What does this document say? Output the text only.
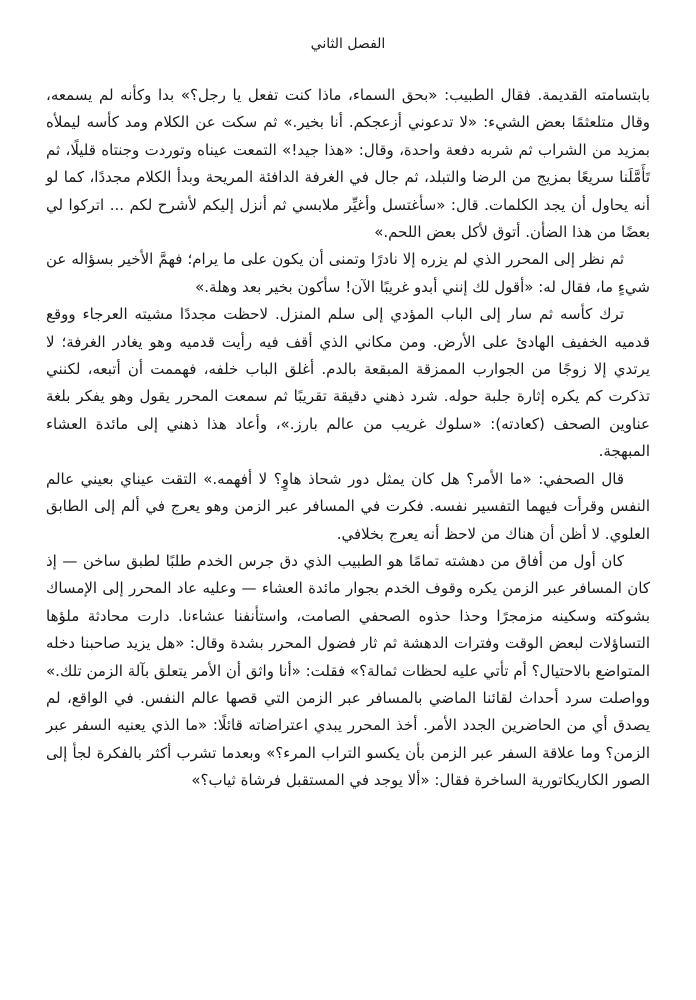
الفصل الثاني

بابتسامته القديمة. فقال الطبيب: «بحق السماء، ماذا كنت تفعل يا رجل؟» بدا وكأنه لم يسمعه، وقال متلعثمًا بعض الشيء: «لا تدعوني أزعجكم. أنا بخير.» ثم سكت عن الكلام ومد كأسه ليملأه بمزيد من الشراب ثم شربه دفعة واحدة، وقال: «هذا جيد!» التمعت عيناه وتوردت وجنتاه قليلًا، ثم تَأَمَّلَنا سريعًا بمزيج من الرضا والتبلد، ثم جال في الغرفة الدافئة المريحة وبدأ الكلام مجددًا، كما لو أنه يحاول أن يجد الكلمات. قال: «سأغتسل وأغيِّر ملابسي ثم أنزل إليكم لأشرح لكم ... اتركوا لي بعضًا من هذا الضأن. أتوق لأكل بعض اللحم.»

ثم نظر إلى المحرر الذي لم يزره إلا نادرًا وتمنى أن يكون على ما يرام؛ فهمَّ الأخير بسؤاله عن شيءٍ ما، فقال له: «أقول لك إنني أبدو غريبًا الآن! سأكون بخير بعد وهلة.»

ترك كأسه ثم سار إلى الباب المؤدي إلى سلم المنزل. لاحظت مجددًا مشيته العرجاء ووقع قدميه الخفيف الهادئ على الأرض. ومن مكاني الذي أقف فيه رأيت قدميه وهو يغادر الغرفة؛ لا يرتدي إلا زوجًا من الجوارب الممزقة المبقعة بالدم. أغلق الباب خلفه، فهممت أن أتبعه، لكنني تذكرت كم يكره إثارة جلبة حوله. شرد ذهني دقيقة تقريبًا ثم سمعت المحرر يقول وهو يفكر بلغة عناوين الصحف (كعادته): «سلوك غريب من عالم بارز.»، وأعاد هذا ذهني إلى مائدة العشاء المبهجة.

قال الصحفي: «ما الأمر؟ هل كان يمثل دور شحاذ هاوٍ؟ لا أفهمه.» التقت عيناي بعيني عالم النفس وقرأت فيهما التفسير نفسه. فكرت في المسافر عبر الزمن وهو يعرج في ألم إلى الطابق العلوي. لا أظن أن هناك من لاحظ أنه يعرج بخلافي.

كان أول من أفاق من دهشته تمامًا هو الطبيب الذي دق جرس الخدم طلبًا لطبق ساخن — إذ كان المسافر عبر الزمن يكره وقوف الخدم بجوار مائدة العشاء — وعليه عاد المحرر إلى الإمساك بشوكته وسكينه مزمجرًا وحذا حذوه الصحفي الصامت، واستأنفنا عشاءنا. دارت محادثة ملؤها التساؤلات لبعض الوقت وفترات الدهشة ثم ثار فضول المحرر بشدة وقال: «هل يزيد صاحبنا دخله المتواضع بالاحتيال؟ أم تأتي عليه لحظات ثمالة؟» فقلت: «أنا واثق أن الأمر يتعلق بآلة الزمن تلك.» وواصلت سرد أحداث لقائنا الماضي بالمسافر عبر الزمن التي قصها عالم النفس. في الواقع، لم يصدق أي من الحاضرين الجدد الأمر. أخذ المحرر يبدي اعتراضاته قائلًا: «ما الذي يعنيه السفر عبر الزمن؟ وما علاقة السفر عبر الزمن بأن يكسو التراب المرء؟» وبعدما تشرب أكثر بالفكرة لجأ إلى الصور الكاريكاتورية الساخرة فقال: «ألا يوجد في المستقبل فرشاة ثياب؟»
